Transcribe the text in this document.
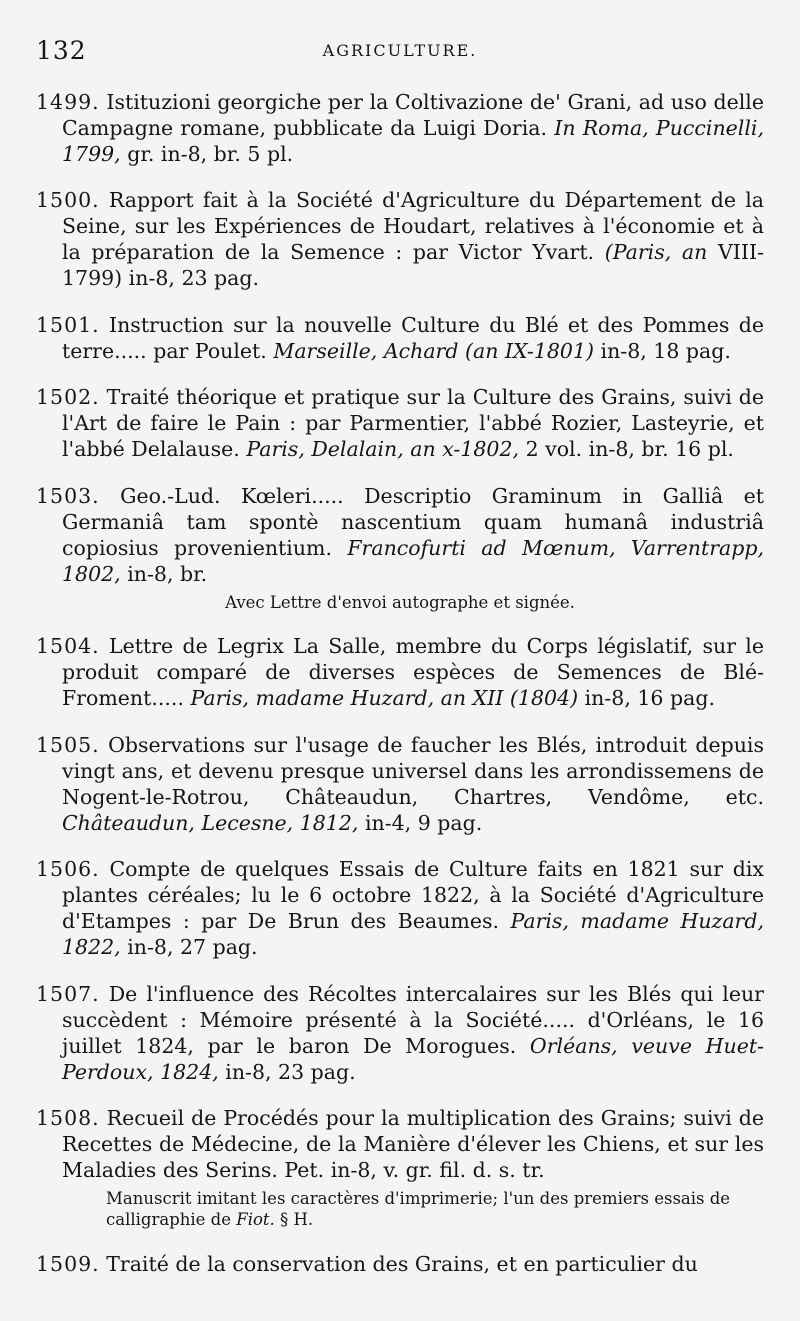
132	AGRICULTURE.

1499. Istituzioni georgiche per la Coltivazione de' Grani, ad uso delle Campagne romane, pubblicate da Luigi Doria. In Roma, Puccinelli, 1799, gr. in-8, br. 5 pl.

1500. Rapport fait à la Société d'Agriculture du Département de la Seine, sur les Expériences de Houdart, relatives à l'économie et à la préparation de la Semence : par Victor Yvart. (Paris, an VIII-1799) in-8, 23 pag.

1501. Instruction sur la nouvelle Culture du Blé et des Pommes de terre..... par Poulet. Marseille, Achard (an IX-1801) in-8, 18 pag.

1502. Traité théorique et pratique sur la Culture des Grains, suivi de l'Art de faire le Pain : par Parmentier, l'abbé Rozier, Lasteyrie, et l'abbé Delalause. Paris, Delalain, an x-1802, 2 vol. in-8, br. 16 pl.

1503. Geo.-Lud. Kœleri..... Descriptio Graminum in Galliâ et Germaniâ tam spontè nascentium quam humanâ industriâ copiosius provenientium. Francofurti ad Mœnum, Varrentrapp, 1802, in-8, br.

Avec Lettre d'envoi autographe et signée.

1504. Lettre de Legrix La Salle, membre du Corps législatif, sur le produit comparé de diverses espèces de Semences de Blé-Froment..... Paris, madame Huzard, an XII (1804) in-8, 16 pag.

1505. Observations sur l'usage de faucher les Blés, introduit depuis vingt ans, et devenu presque universel dans les arrondissemens de Nogent-le-Rotrou, Châteaudun, Chartres, Vendôme, etc. Châteaudun, Lecesne, 1812, in-4, 9 pag.

1506. Compte de quelques Essais de Culture faits en 1821 sur dix plantes céréales; lu le 6 octobre 1822, à la Société d'Agriculture d'Etampes : par De Brun des Beaumes. Paris, madame Huzard, 1822, in-8, 27 pag.

1507. De l'influence des Récoltes intercalaires sur les Blés qui leur succèdent : Mémoire présenté à la Société..... d'Orléans, le 16 juillet 1824, par le baron De Morogues. Orléans, veuve Huet-Perdoux, 1824, in-8, 23 pag.

1508. Recueil de Procédés pour la multiplication des Grains; suivi de Recettes de Médecine, de la Manière d'élever les Chiens, et sur les Maladies des Serins. Pet. in-8, v. gr. fil. d. s. tr.

Manuscrit imitant les caractères d'imprimerie; l'un des premiers essais de calligraphie de Fiot. § H.

1509. Traité de la conservation des Grains, et en particulier du
